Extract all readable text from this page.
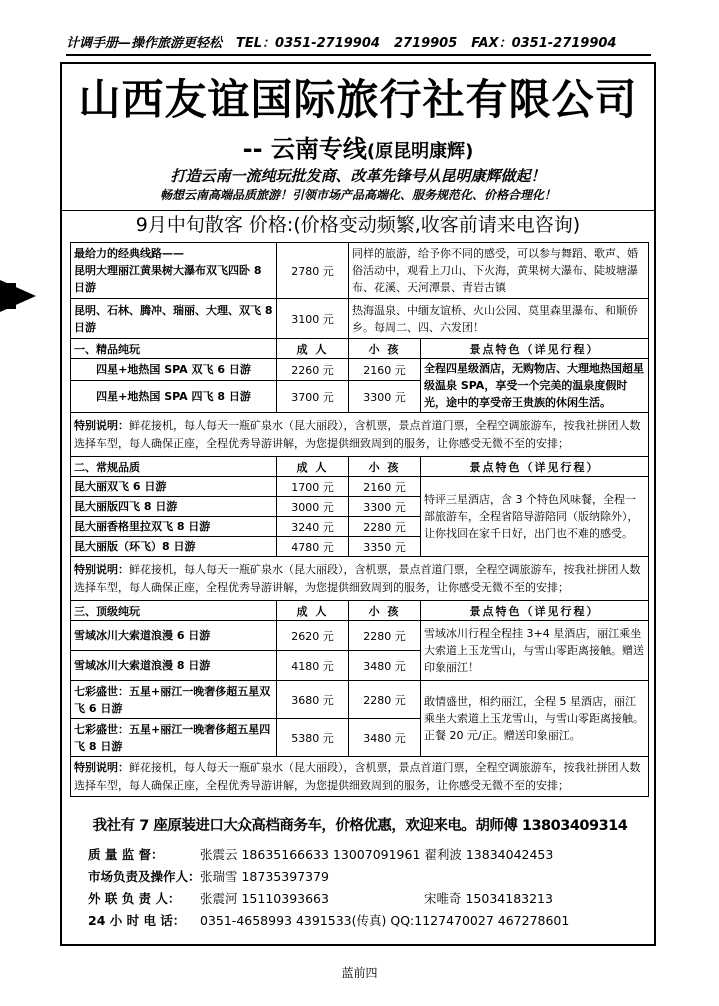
计调手册—操作旅游更轻松 TEL：0351-2719904 2719905 FAX：0351-2719904
山西友谊国际旅行社有限公司
-- 云南专线(原昆明康辉)
打造云南一流纯玩批发商、改革先锋号从昆明康辉做起！
畅想云南高端品质旅游！引领市场产品高端化、服务规范化、价格合理化！
9月中旬散客 价格:(价格变动频繁,收客前请来电咨询)
最给力的经典线路——
昆明大理丽江黄果树大瀑布双飞四卧 8 日游	2780 元	同样的旅游，给予你不同的感受，可以参与舞蹈、歌声、婚俗活动中，观看上刀山、下火海，黄果树大瀑布、陡坡塘瀑布、花溪、天河潭景、青岩古镇	
昆明、石林、腾冲、瑞丽、大理、双飞 8 日游	3100 元	热海温泉、中缅友谊桥、火山公园、莫里森里瀑布、和顺侨乡。每周二、四、六发团！	
一、精品纯玩	成 人	小 孩	景点特色（详见行程）
四星+地热国 SPA 双飞 6 日游	2260 元	2160 元	全程四星级酒店，无购物店、大理地热国超星级温泉 SPA，享受一个完美的温泉度假时光，途中的享受帝王贵族的休闲生活。
四星+地热国 SPA 四飞 8 日游	3700 元	3300 元	
特别说明：鲜花接机，每人每天一瓶矿泉水（昆大丽段），含机票，景点首道门票，全程空调旅游车，按我社拼团人数选择车型，每人确保正座，全程优秀导游讲解，为您提供细致周到的服务，让你感受无微不至的安排；			
二、常规品质	成 人	小 孩	景点特色（详见行程）
昆大丽双飞 6 日游	1700 元	2160 元	特评三星酒店，含 3 个特色风味餐，全程一部旅游车，全程省陪导游陪同（版纳除外），让你找回在家千日好，出门也不难的感受。
昆大丽版四飞 8 日游	3000 元	3300 元	
昆大丽香格里拉双飞 8 日游	3240 元	2280 元	
昆大丽版（环飞）8 日游	4780 元	3350 元	
特别说明：鲜花接机，每人每天一瓶矿泉水（昆大丽段），含机票，景点首道门票，全程空调旅游车，按我社拼团人数选择车型，每人确保正座，全程优秀导游讲解，为您提供细致周到的服务，让你感受无微不至的安排；			
三、顶级纯玩	成 人	小 孩	景点特色（详见行程）
雪域冰川大索道浪漫 6 日游	2620 元	2280 元	雪域冰川行程全程挂 3+4 星酒店，丽江乘坐大索道上玉龙雪山，与雪山零距离接触。赠送印象丽江！
雪域冰川大索道浪漫 8 日游	4180 元	3480 元	
七彩盛世：五星+丽江一晚奢侈超五星双飞 6 日游	3680 元	2280 元	敢情盛世，相约丽江，全程 5 星酒店，丽江乘坐大索道上玉龙雪山，与雪山零距离接触。正餐 20 元/正。赠送印象丽江。
七彩盛世：五星+丽江一晚奢侈超五星四飞 8 日游	5380 元	3480 元	
特别说明：鲜花接机，每人每天一瓶矿泉水（昆大丽段），含机票，景点首道门票，全程空调旅游车，按我社拼团人数选择车型，每人确保正座，全程优秀导游讲解，为您提供细致周到的服务，让你感受无微不至的安排；			
我社有 7 座原装进口大众高档商务车，价格优惠，欢迎来电。胡师傅 13803409314
质 量 监 督：	张震云 18635166633 13007091961 翟利波 13834042453
市场负责及操作人： 张瑞雪 18735397379
外 联 负 责 人： 张震河 15110393663	宋唯奇 15034183213
24 小 时 电 话： 0351-4658993 4391533(传真) QQ:1127470027 467278601
蓝前四
